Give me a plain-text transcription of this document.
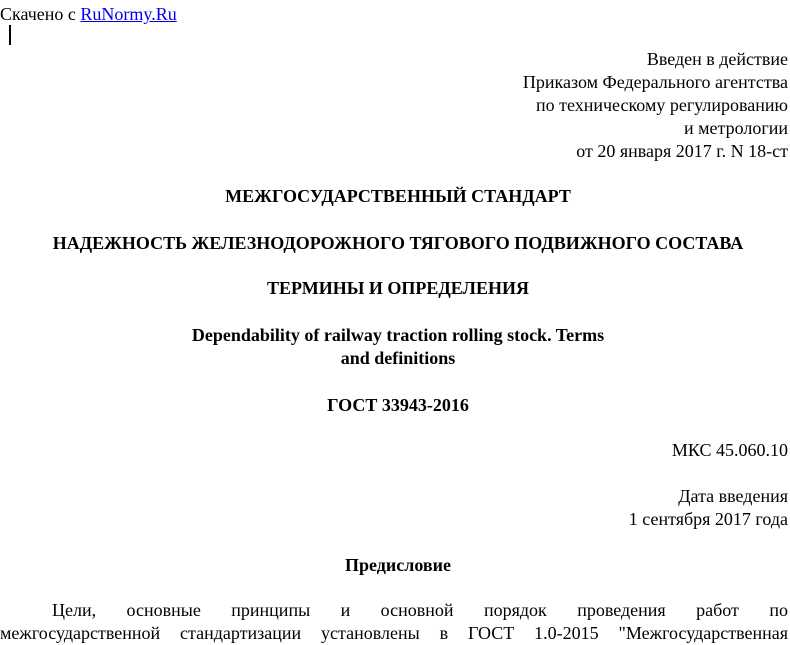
Скачено с RuNormy.Ru
Введен в действие
Приказом Федерального агентства
по техническому регулированию
и метрологии
от 20 января 2017 г. N 18-ст
МЕЖГОСУДАРСТВЕННЫЙ СТАНДАРТ
НАДЕЖНОСТЬ ЖЕЛЕЗНОДОРОЖНОГО ТЯГОВОГО ПОДВИЖНОГО СОСТАВА
ТЕРМИНЫ И ОПРЕДЕЛЕНИЯ
Dependability of railway traction rolling stock. Terms
and definitions
ГОСТ 33943-2016
МКС 45.060.10
Дата введения
1 сентября 2017 года
Предисловие
Цели, основные принципы и основной порядок проведения работ по
межгосударственной стандартизации установлены в ГОСТ 1.0-2015 "Межгосударственная
